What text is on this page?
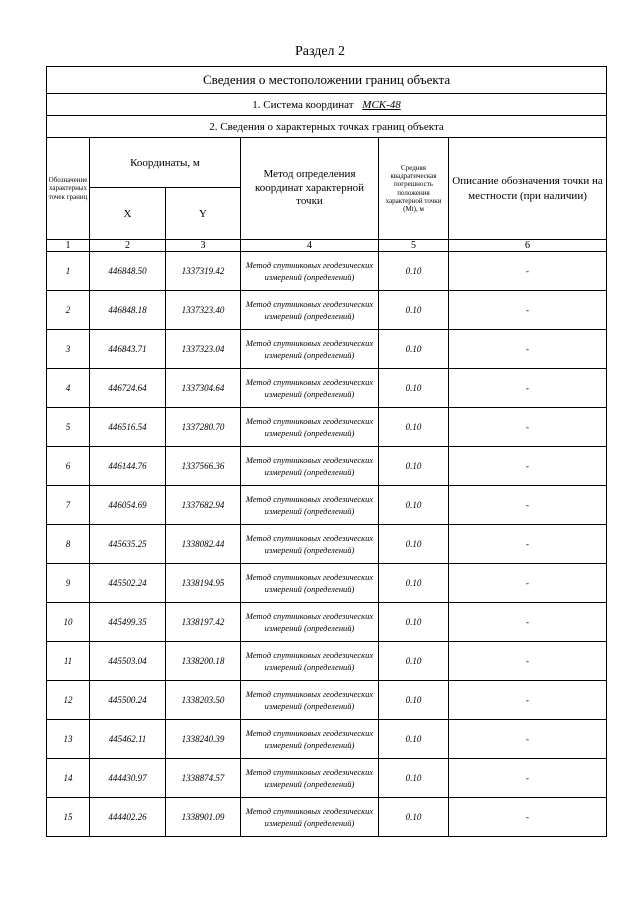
Раздел 2
Сведения о местоположении границ объекта					
1. Система координат МСК-48					
2. Сведения о характерных точках границ объекта					
Обозначение характерных точек границ	Координаты, м		Метод определения координат характерной точки	Средняя квадратическая погрешность положения характерной точки (Mt), м	Описание обозначения точки на местности (при наличии)
	X	Y			
1	2	3	4	5	6
1	446848.50	1337319.42	Метод спутниковых геодезических измерений (определений)	0.10	-
2	446848.18	1337323.40	Метод спутниковых геодезических измерений (определений)	0.10	-
3	446843.71	1337323.04	Метод спутниковых геодезических измерений (определений)	0.10	-
4	446724.64	1337304.64	Метод спутниковых геодезических измерений (определений)	0.10	-
5	446516.54	1337280.70	Метод спутниковых геодезических измерений (определений)	0.10	-
6	446144.76	1337566.36	Метод спутниковых геодезических измерений (определений)	0.10	-
7	446054.69	1337682.94	Метод спутниковых геодезических измерений (определений)	0.10	-
8	445635.25	1338082.44	Метод спутниковых геодезических измерений (определений)	0.10	-
9	445502.24	1338194.95	Метод спутниковых геодезических измерений (определений)	0.10	-
10	445499.35	1338197.42	Метод спутниковых геодезических измерений (определений)	0.10	-
11	445503.04	1338200.18	Метод спутниковых геодезических измерений (определений)	0.10	-
12	445500.24	1338203.50	Метод спутниковых геодезических измерений (определений)	0.10	-
13	445462.11	1338240.39	Метод спутниковых геодезических измерений (определений)	0.10	-
14	444430.97	1338874.57	Метод спутниковых геодезических измерений (определений)	0.10	-
15	444402.26	1338901.09	Метод спутниковых геодезических измерений (определений)	0.10	-
